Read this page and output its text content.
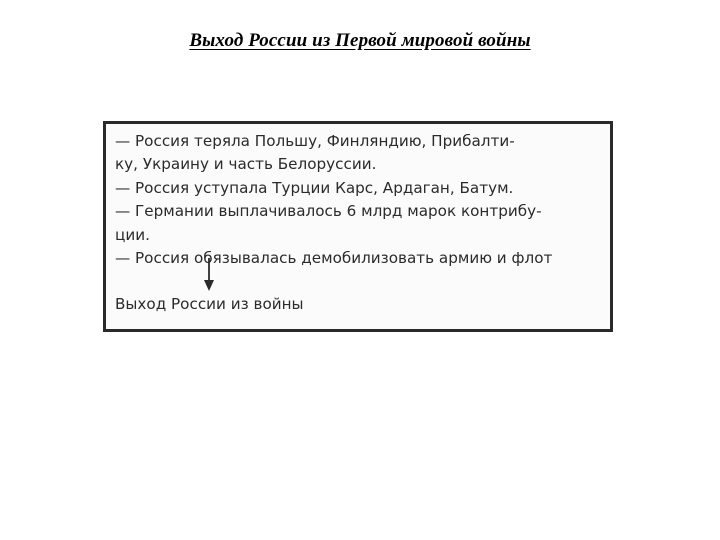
Выход России из Первой мировой войны
— Россия теряла Польшу, Финляндию, Прибалти-
ку, Украину и часть Белоруссии.
— Россия уступала Турции Карс, Ардаган, Батум.
— Германии выплачивалось 6 млрд марок контрибу-
ции.
— Россия обязывалась демобилизовать армию и флот
Выход России из войны
